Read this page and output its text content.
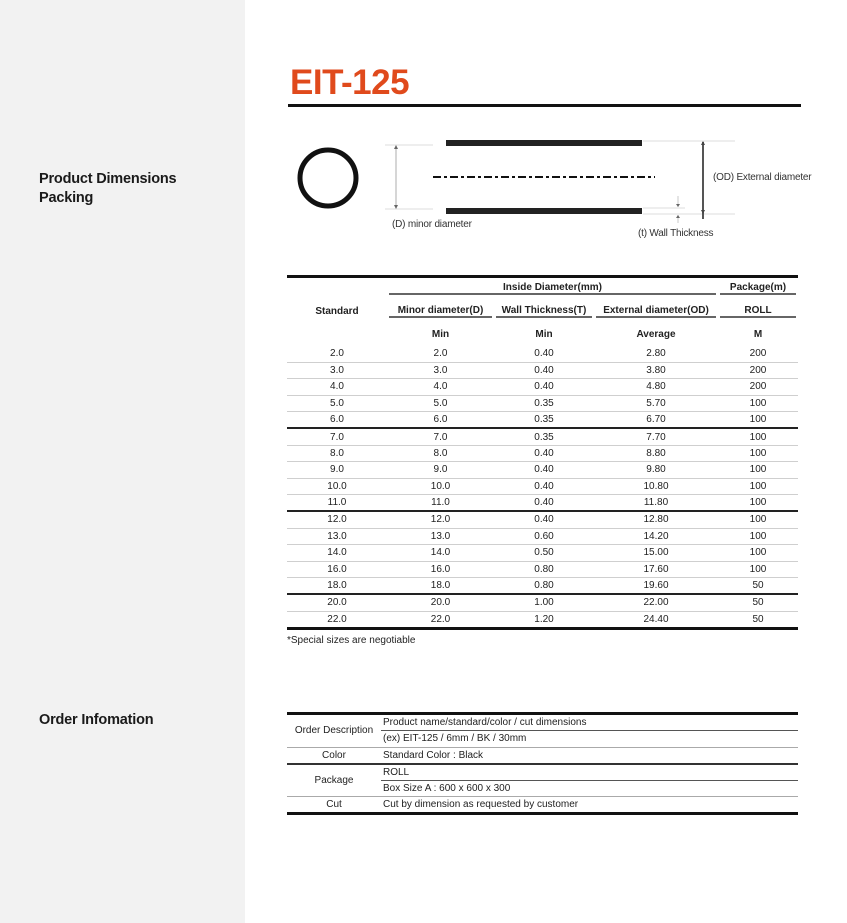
Product Dimensions
Packing
Order Infomation
EIT-125
(D) minor diameter
(OD) External diameter
(t) Wall Thickness
Standard	Inside Diameter(mm)			Package(m)

	Minor diameter(D)	Wall Thickness(T)	External diameter(OD)	ROLL

	Min	Min	Average	M
2.0	2.0	0.40	2.80	200
3.0	3.0	0.40	3.80	200
4.0	4.0	0.40	4.80	200
5.0	5.0	0.35	5.70	100
6.0	6.0	0.35	6.70	100
7.0	7.0	0.35	7.70	100
8.0	8.0	0.40	8.80	100
9.0	9.0	0.40	9.80	100
10.0	10.0	0.40	10.80	100
11.0	11.0	0.40	11.80	100
12.0	12.0	0.40	12.80	100
13.0	13.0	0.60	14.20	100
14.0	14.0	0.50	15.00	100
16.0	16.0	0.80	17.60	100
18.0	18.0	0.80	19.60	50
20.0	20.0	1.00	22.00	50
22.0	22.0	1.20	24.40	50
*Special sizes are negotiable
Order Description	Product name/standard/color / cut dimensions
	(ex) EIT-125 / 6mm / BK / 30mm
Color	Standard Color : Black
Package	ROLL
	Box Size A : 600 x 600 x 300
Cut	Cut by dimension as requested by customer
